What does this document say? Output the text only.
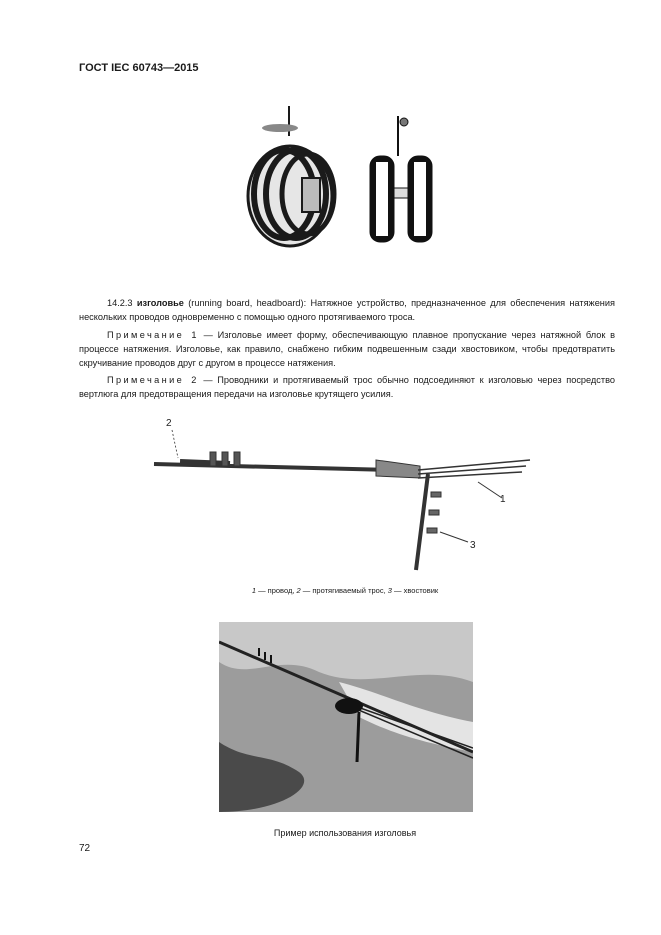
ГОСТ IEC 60743—2015
14.2.3 изголовье (running board, headboard): Натяжное устройство, предназначенное для обеспечения натяжения нескольких проводов одновременно с помощью одного протягиваемого троса.
Примечание 1 — Изголовье имеет форму, обеспечивающую плавное пропускание через натяжной блок в процессе натяжения. Изголовье, как правило, снабжено гибким подвешенным сзади хвостовиком, чтобы предотвратить скручивание проводов друг с другом в процессе натяжения.
Примечание 2 — Проводники и протягиваемый трос обычно подсоединяют к изголовью через посредство вертлюга для предотвращения передачи на изголовье крутящего усилия.
2
1
3
1 — провод, 2 — протягиваемый трос, 3 — хвостовик
Пример использования изголовья
72
